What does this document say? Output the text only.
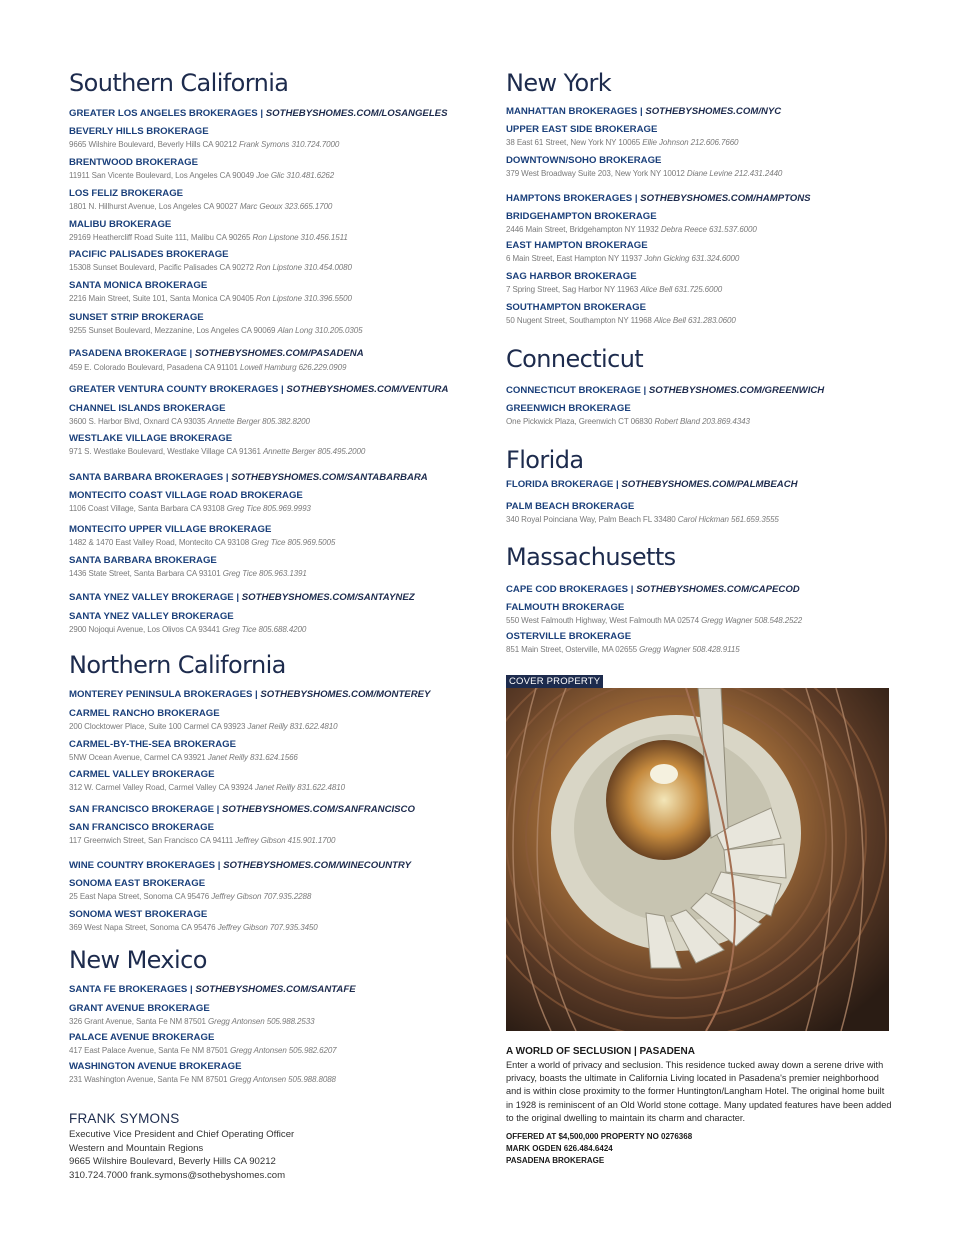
Southern California
GREATER LOS ANGELES BROKERAGES | SOTHEBYSHOMES.COM/LOSANGELES
BEVERLY HILLS BROKERAGE
9665 Wilshire Boulevard, Beverly Hills CA 90212 Frank Symons 310.724.7000
BRENTWOOD BROKERAGE
11911 San Vicente Boulevard, Los Angeles CA 90049 Joe Glic 310.481.6262
LOS FELIZ BROKERAGE
1801 N. Hillhurst Avenue, Los Angeles CA 90027 Marc Geoux 323.665.1700
MALIBU BROKERAGE
29169 Heathercliff Road Suite 111, Malibu CA 90265 Ron Lipstone 310.456.1511
PACIFIC PALISADES BROKERAGE
15308 Sunset Boulevard, Pacific Palisades CA 90272 Ron Lipstone 310.454.0080
SANTA MONICA BROKERAGE
2216 Main Street, Suite 101, Santa Monica CA 90405 Ron Lipstone 310.396.5500
SUNSET STRIP BROKERAGE
9255 Sunset Boulevard, Mezzanine, Los Angeles CA 90069 Alan Long 310.205.0305
PASADENA BROKERAGE | SOTHEBYSHOMES.COM/PASADENA
459 E. Colorado Boulevard, Pasadena CA 91101 Lowell Hamburg 626.229.0909
GREATER VENTURA COUNTY BROKERAGES | SOTHEBYSHOMES.COM/VENTURA
CHANNEL ISLANDS BROKERAGE
3600 S. Harbor Blvd, Oxnard CA 93035 Annette Berger 805.382.8200
WESTLAKE VILLAGE BROKERAGE
971 S. Westlake Boulevard, Westlake Village CA 91361 Annette Berger 805.495.2000
SANTA BARBARA BROKERAGES | SOTHEBYSHOMES.COM/SANTABARBARA
MONTECITO COAST VILLAGE ROAD BROKERAGE
1106 Coast Village, Santa Barbara CA 93108 Greg Tice 805.969.9993
MONTECITO UPPER VILLAGE BROKERAGE
1482 & 1470 East Valley Road, Montecito CA 93108 Greg Tice 805.969.5005
SANTA BARBARA BROKERAGE
1436 State Street, Santa Barbara CA 93101 Greg Tice 805.963.1391
SANTA YNEZ VALLEY BROKERAGE | SOTHEBYSHOMES.COM/SANTAYNEZ
SANTA YNEZ VALLEY BROKERAGE
2900 Nojoqui Avenue, Los Olivos CA 93441 Greg Tice 805.688.4200
Northern California
MONTEREY PENINSULA BROKERAGES | SOTHEBYSHOMES.COM/MONTEREY
CARMEL RANCHO BROKERAGE
200 Clocktower Place, Suite 100 Carmel CA 93923 Janet Reilly 831.622.4810
CARMEL-BY-THE-SEA BROKERAGE
5NW Ocean Avenue, Carmel CA 93921 Janet Reilly 831.624.1566
CARMEL VALLEY BROKERAGE
312 W. Carmel Valley Road, Carmel Valley CA 93924 Janet Reilly 831.622.4810
SAN FRANCISCO BROKERAGE | SOTHEBYSHOMES.COM/SANFRANCISCO
SAN FRANCISCO BROKERAGE
117 Greenwich Street, San Francisco CA 94111 Jeffrey Gibson 415.901.1700
WINE COUNTRY BROKERAGES | SOTHEBYSHOMES.COM/WINECOUNTRY
SONOMA EAST BROKERAGE
25 East Napa Street, Sonoma CA 95476 Jeffrey Gibson 707.935.2288
SONOMA WEST BROKERAGE
369 West Napa Street, Sonoma CA 95476 Jeffrey Gibson 707.935.3450
New Mexico
SANTA FE BROKERAGES | SOTHEBYSHOMES.COM/SANTAFE
GRANT AVENUE BROKERAGE
326 Grant Avenue, Santa Fe NM 87501 Gregg Antonsen 505.988.2533
PALACE AVENUE BROKERAGE
417 East Palace Avenue, Santa Fe NM 87501 Gregg Antonsen 505.982.6207
WASHINGTON AVENUE BROKERAGE
231 Washington Avenue, Santa Fe NM 87501 Gregg Antonsen 505.988.8088
FRANK SYMONS
Executive Vice President and Chief Operating Officer
Western and Mountain Regions
9665 Wilshire Boulevard, Beverly Hills CA 90212
310.724.7000 frank.symons@sothebyshomes.com
New York
MANHATTAN BROKERAGES | SOTHEBYSHOMES.COM/NYC
UPPER EAST SIDE BROKERAGE
38 East 61 Street, New York NY 10065 Ellie Johnson 212.606.7660
DOWNTOWN/SOHO BROKERAGE
379 West Broadway Suite 203, New York NY 10012 Diane Levine 212.431.2440
HAMPTONS BROKERAGES | SOTHEBYSHOMES.COM/HAMPTONS
BRIDGEHAMPTON BROKERAGE
2446 Main Street, Bridgehampton NY 11932 Debra Reece 631.537.6000
EAST HAMPTON BROKERAGE
6 Main Street, East Hampton NY 11937 John Gicking 631.324.6000
SAG HARBOR BROKERAGE
7 Spring Street, Sag Harbor NY 11963 Alice Bell 631.725.6000
SOUTHAMPTON BROKERAGE
50 Nugent Street, Southampton NY 11968 Alice Bell 631.283.0600
Connecticut
CONNECTICUT BROKERAGE | SOTHEBYSHOMES.COM/GREENWICH
GREENWICH BROKERAGE
One Pickwick Plaza, Greenwich CT 06830 Robert Bland 203.869.4343
Florida
FLORIDA BROKERAGE | SOTHEBYSHOMES.COM/PALMBEACH
PALM BEACH BROKERAGE
340 Royal Poinciana Way, Palm Beach FL 33480 Carol Hickman 561.659.3555
Massachusetts
CAPE COD BROKERAGES | SOTHEBYSHOMES.COM/CAPECOD
FALMOUTH BROKERAGE
550 West Falmouth Highway, West Falmouth MA 02574 Gregg Wagner 508.548.2522
OSTERVILLE BROKERAGE
851 Main Street, Osterville, MA 02655 Gregg Wagner 508.428.9115
COVER PROPERTY
A WORLD OF SECLUSION | PASADENA

Enter a world of privacy and seclusion. This residence tucked away down a serene drive with privacy, boasts the ultimate in California Living located in Pasadena's premier neighborhood and is within close proximity to the former Huntington/Langham Hotel. The original home built in 1928 is reminiscent of an Old World stone cottage. Many updated features have been added to the original dwelling to maintain its charm and character.

OFFERED AT $4,500,000 PROPERTY NO 0276368
MARK OGDEN 626.484.6424
PASADENA BROKERAGE
